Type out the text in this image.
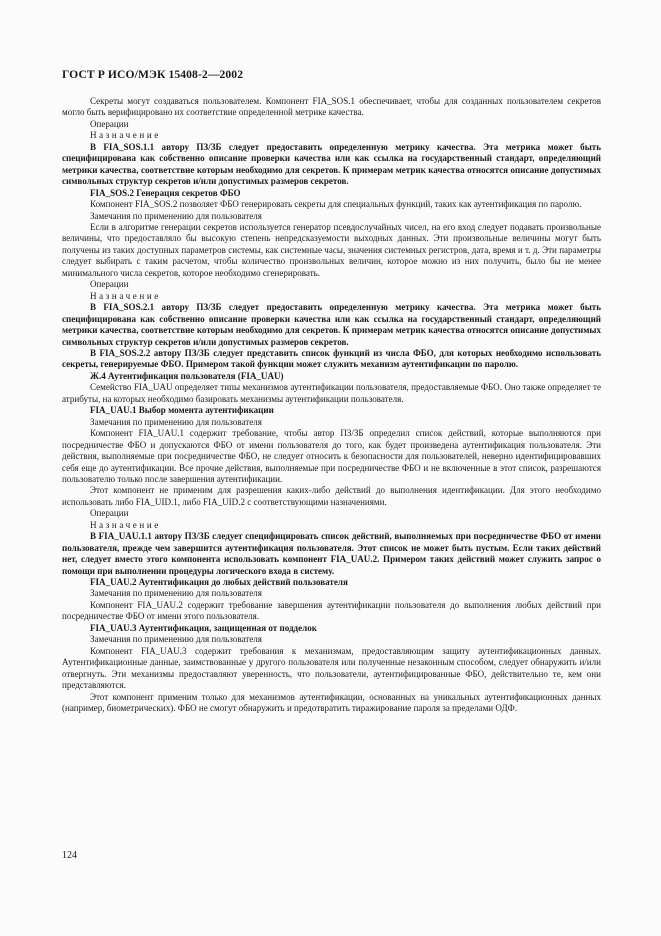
ГОСТ Р ИСО/МЭК 15408-2—2002
Секреты могут создаваться пользователем. Компонент FIA_SOS.1 обеспечивает, чтобы для созданных пользователем секретов могло быть верифицировано их соответствие определенной метрике качества.
Операции
Назначение
В FIA_SOS.1.1 автору ПЗ/ЗБ следует предоставить определенную метрику качества. Эта метрика может быть специфицирована как собственно описание проверки качества или как ссылка на государственный стандарт, определяющий метрики качества, соответствие которым необходимо для секретов. К примерам метрик качества относятся описание допустимых символьных структур секретов и/или допустимых размеров секретов.
FIA_SOS.2 Генерация секретов ФБО
Компонент FIA_SOS.2 позволяет ФБО генерировать секреты для специальных функций, таких как аутентификация по паролю.
Замечания по применению для пользователя
Если в алгоритме генерации секретов используется генератор псевдослучайных чисел, на его вход следует подавать произвольные величины, что предоставляло бы высокую степень непредсказуемости выходных данных. Эти произвольные величины могут быть получены из таких доступных параметров системы, как системные часы, значения системных регистров, дата, время и т. д. Эти параметры следует выбирать с таким расчетом, чтобы количество произвольных величин, которое можно из них получить, было бы не менее минимального числа секретов, которое необходимо сгенерировать.
Операции
Назначение
В FIA_SOS.2.1 автору ПЗ/ЗБ следует предоставить определенную метрику качества. Эта метрика может быть специфицирована как собственно описание проверки качества или как ссылка на государственный стандарт, определяющий метрики качества, соответствие которым необходимо для секретов. К примерам метрик качества относятся описание допустимых символьных структур секретов и/или допустимых размеров секретов.
В FIA_SOS.2.2 автору ПЗ/ЗБ следует представить список функций из числа ФБО, для которых необходимо использовать секреты, генерируемые ФБО. Примером такой функции может служить механизм аутентификации по паролю.
Ж.4 Аутентификация пользователя (FIA_UAU)
Семейство FIA_UAU определяет типы механизмов аутентификации пользователя, предоставляемые ФБО. Оно также определяет те атрибуты, на которых необходимо базировать механизмы аутентификации пользователя.
FIA_UAU.1 Выбор момента аутентификации
Замечания по применению для пользователя
Компонент FIA_UAU.1 содержит требование, чтобы автор ПЗ/ЗБ определил список действий, которые выполняются при посредничестве ФБО и допускаются ФБО от имени пользователя до того, как будет произведена аутентификация пользователя. Эти действия, выполняемые при посредничестве ФБО, не следует относить к безопасности для пользователей, неверно идентифицировавших себя еще до аутентификации. Все прочие действия, выполняемые при посредничестве ФБО и не включенные в этот список, разрешаются пользователю только после завершения аутентификации.
Этот компонент не применим для разрешения каких-либо действий до выполнения идентификации. Для этого необходимо использовать либо FIA_UID.1, либо FIA_UID.2 с соответствующими назначениями.
Операции
Назначение
В FIA_UAU.1.1 автору ПЗ/ЗБ следует специфицировать список действий, выполняемых при посредничестве ФБО от имени пользователя, прежде чем завершится аутентификация пользователя. Этот список не может быть пустым. Если таких действий нет, следует вместо этого компонента использовать компонент FIA_UAU.2. Примером таких действий может служить запрос о помощи при выполнении процедуры логического входа в систему.
FIA_UAU.2 Аутентификация до любых действий пользователя
Замечания по применению для пользователя
Компонент FIA_UAU.2 содержит требование завершения аутентификации пользователя до выполнения любых действий при посредничестве ФБО от имени этого пользователя.
FIA_UAU.3 Аутентификация, защищенная от подделок
Замечания по применению для пользователя
Компонент FIA_UAU.3 содержит требования к механизмам, предоставляющим защиту аутентификационных данных. Аутентификационные данные, заимствованные у другого пользователя или полученные незаконным способом, следует обнаружить и/или отвергнуть. Эти механизмы предоставляют уверенность, что пользователи, аутентифицированные ФБО, действительно те, кем они представляются.
Этот компонент применим только для механизмов аутентификации, основанных на уникальных аутентификационных данных (например, биометрических). ФБО не смогут обнаружить и предотвратить тиражирование пароля за пределами ОДФ.
124
